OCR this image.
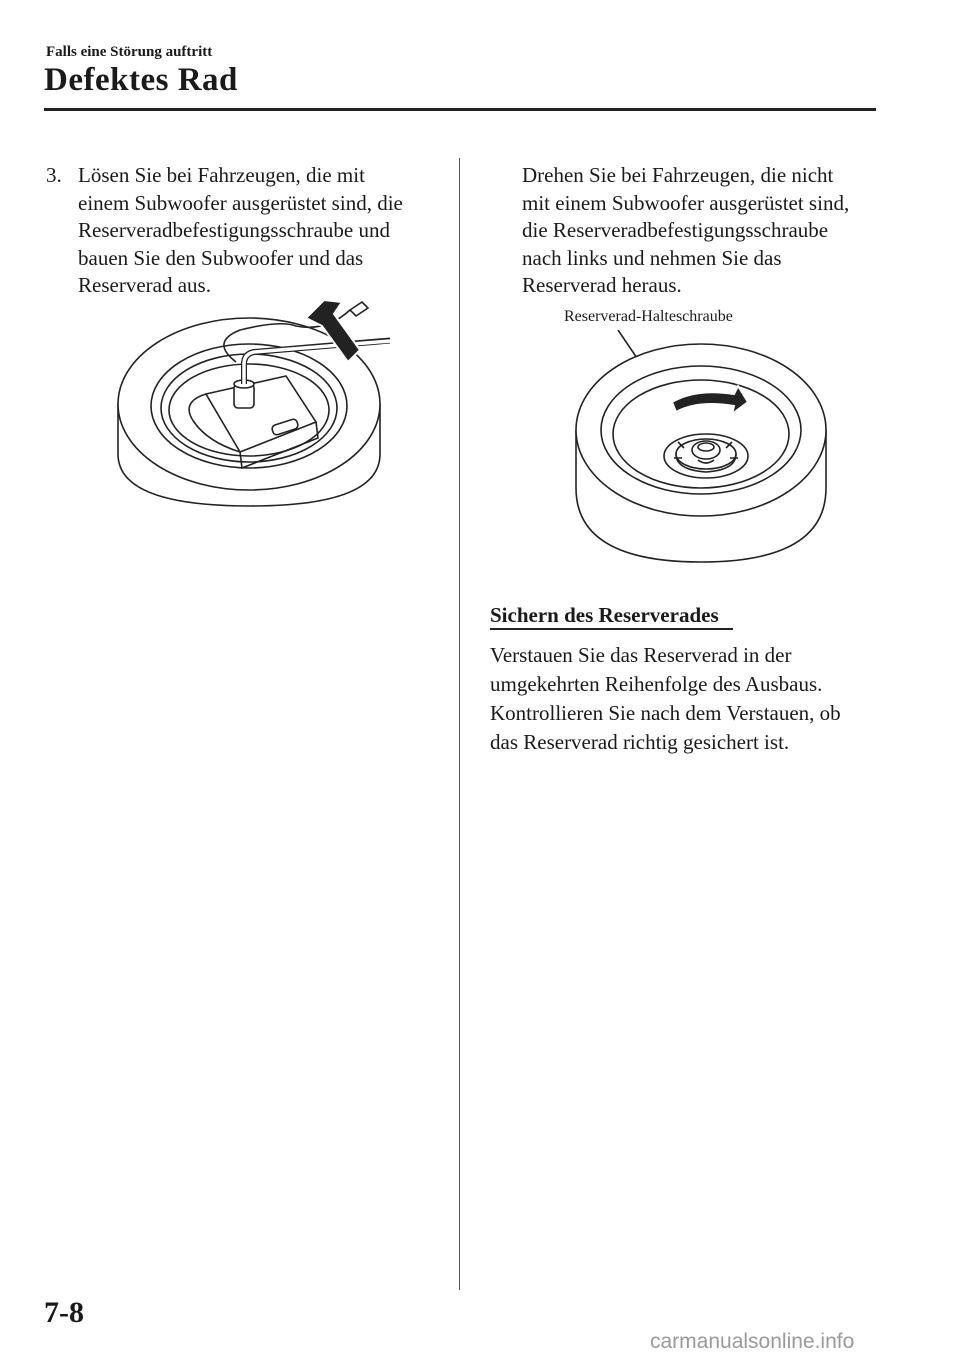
Falls eine Störung auftritt
Defektes Rad
3. Lösen Sie bei Fahrzeugen, die mit
einem Subwoofer ausgerüstet sind, die
Reserveradbefestigungsschraube und
bauen Sie den Subwoofer und das
Reserverad aus.
Drehen Sie bei Fahrzeugen, die nicht
mit einem Subwoofer ausgerüstet sind,
die Reserveradbefestigungsschraube
nach links und nehmen Sie das
Reserverad heraus.
Reserverad-Halteschraube
Sichern des Reserverades
Verstauen Sie das Reserverad in der
umgekehrten Reihenfolge des Ausbaus.
Kontrollieren Sie nach dem Verstauen, ob
das Reserverad richtig gesichert ist.
7-8
carmanualsonline.info
